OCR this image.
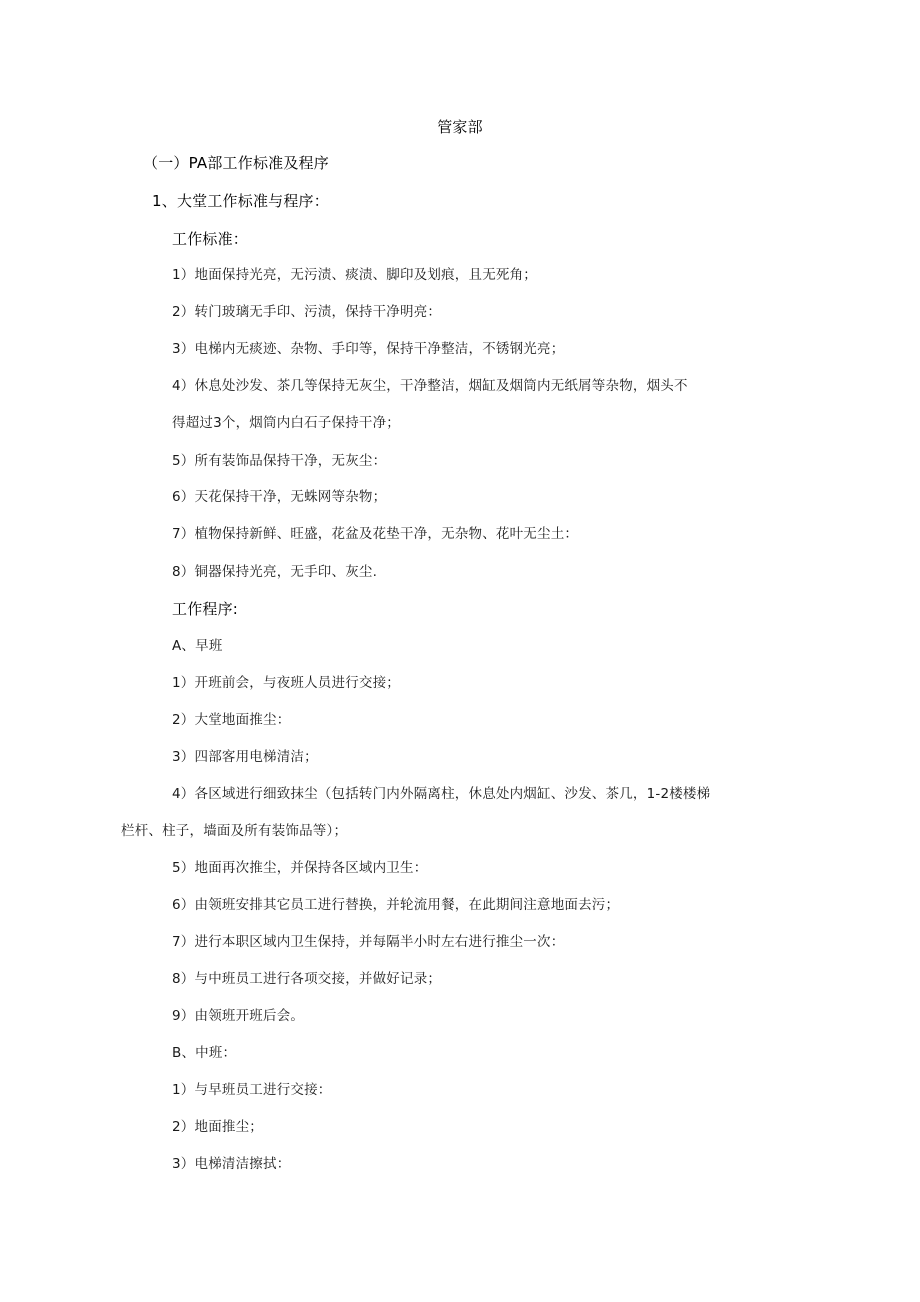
管家部
（一）PA部工作标准及程序
1、大堂工作标准与程序：
工作标准：
1）地面保持光亮，无污渍、痰渍、脚印及划痕，且无死角；
2）转门玻璃无手印、污渍，保持干净明亮：
3）电梯内无痰迹、杂物、手印等，保持干净整洁，不锈钢光亮；
4）休息处沙发、茶几等保持无灰尘，干净整洁，烟缸及烟筒内无纸屑等杂物，烟头不
得超过3个，烟筒内白石子保持干净；
5）所有装饰品保持干净，无灰尘：
6）天花保持干净，无蛛网等杂物；
7）植物保持新鲜、旺盛，花盆及花垫干净，无杂物、花叶无尘土：
8）铜器保持光亮，无手印、灰尘.
工作程序:
A、早班
1）开班前会，与夜班人员进行交接；
2）大堂地面推尘：
3）四部客用电梯清洁；
4）各区域进行细致抹尘（包括转门内外隔离柱，休息处内烟缸、沙发、茶几，1-2楼楼梯
栏杆、柱子，墙面及所有装饰品等）；
5）地面再次推尘，并保持各区域内卫生：
6）由领班安排其它员工进行替换，并轮流用餐，在此期间注意地面去污；
7）进行本职区域内卫生保持，并每隔半小时左右进行推尘一次：
8）与中班员工进行各项交接，并做好记录；
9）由领班开班后会。
B、中班：
1）与早班员工进行交接：
2）地面推尘；
3）电梯清洁擦拭：
